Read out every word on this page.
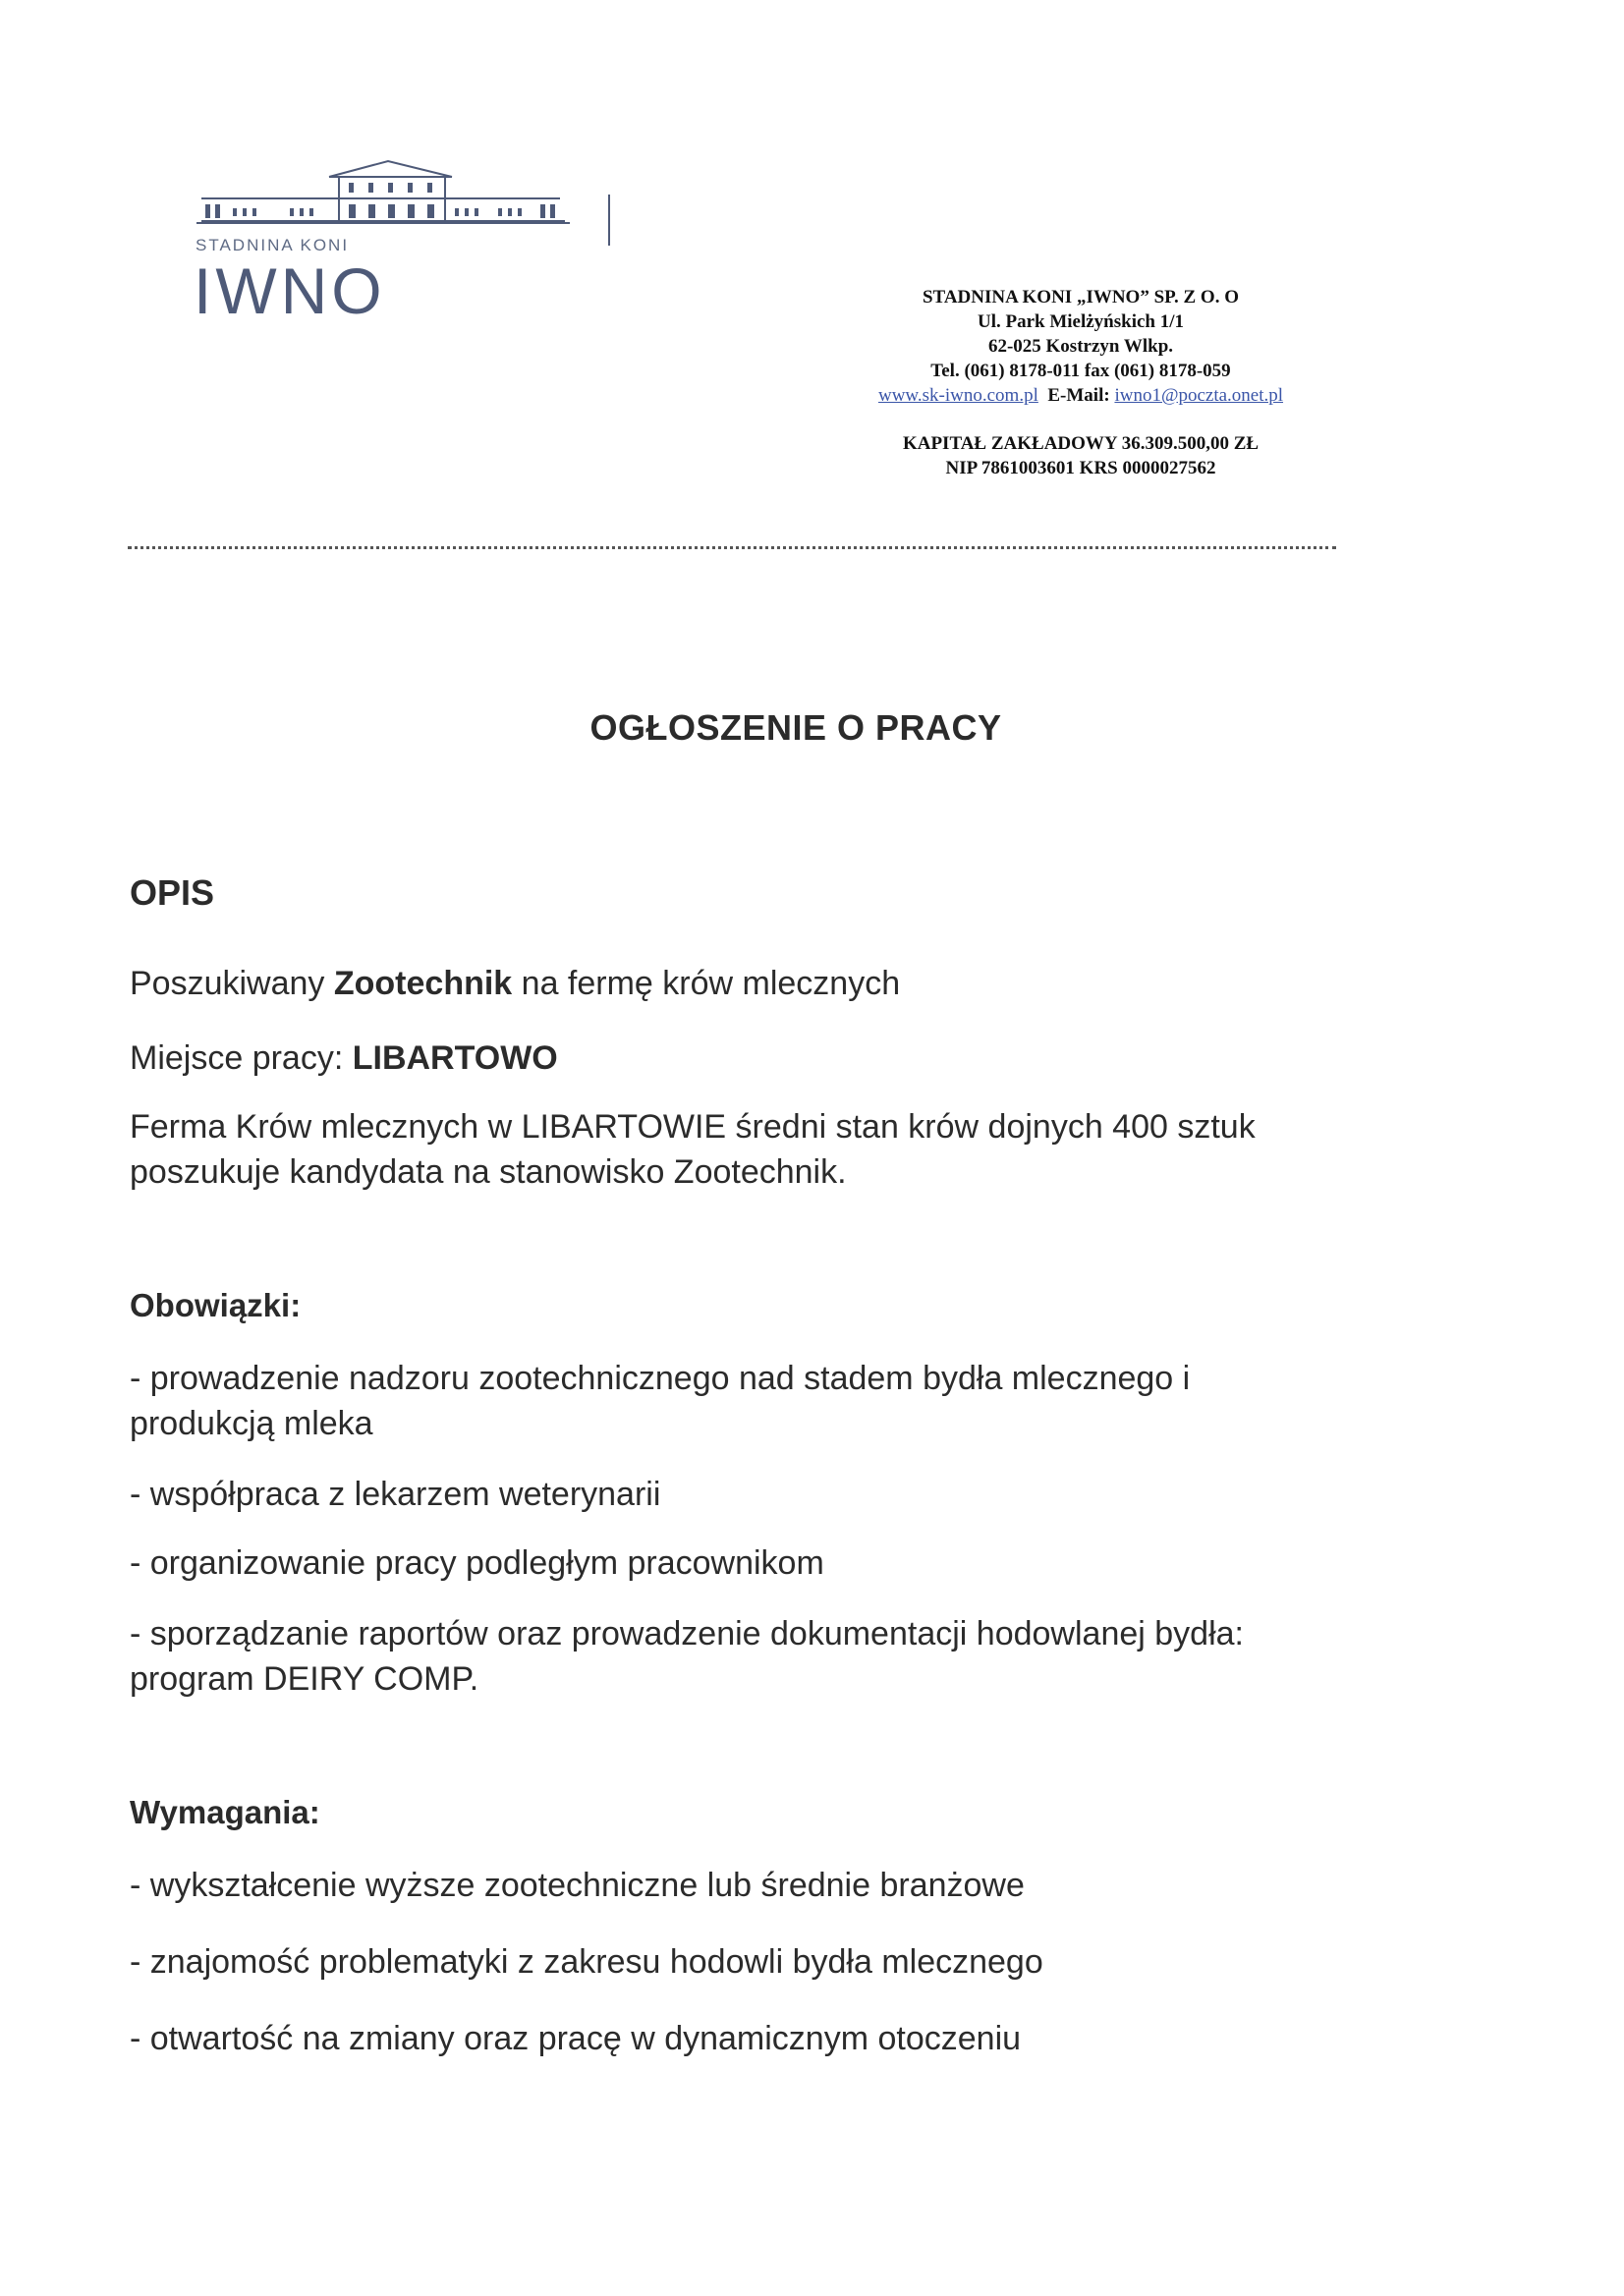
STADNINA KONI
IWNO	STADNINA KONI „IWNO” SP. Z O. O
Ul. Park Mielżyńskich 1/1
62-025 Kostrzyn Wlkp.
Tel. (061) 8178-011 fax (061) 8178-059
www.sk-iwno.com.pl E-Mail: iwno1@poczta.onet.pl
KAPITAŁ ZAKŁADOWY 36.309.500,00 ZŁ
NIP 7861003601 KRS 0000027562
OGŁOSZENIE O PRACY
OPIS
Poszukiwany Zootechnik na fermę krów mlecznych
Miejsce pracy: LIBARTOWO
Ferma Krów mlecznych w LIBARTOWIE średni stan krów dojnych 400 sztuk
poszukuje kandydata na stanowisko Zootechnik.
Obowiązki:
- prowadzenie nadzoru zootechnicznego nad stadem bydła mlecznego i
produkcją mleka
- współpraca z lekarzem weterynarii
- organizowanie pracy podległym pracownikom
- sporządzanie raportów oraz prowadzenie dokumentacji hodowlanej bydła:
program DEIRY COMP.
Wymagania:
- wykształcenie wyższe zootechniczne lub średnie branżowe
- znajomość problematyki z zakresu hodowli bydła mlecznego
- otwartość na zmiany oraz pracę w dynamicznym otoczeniu
